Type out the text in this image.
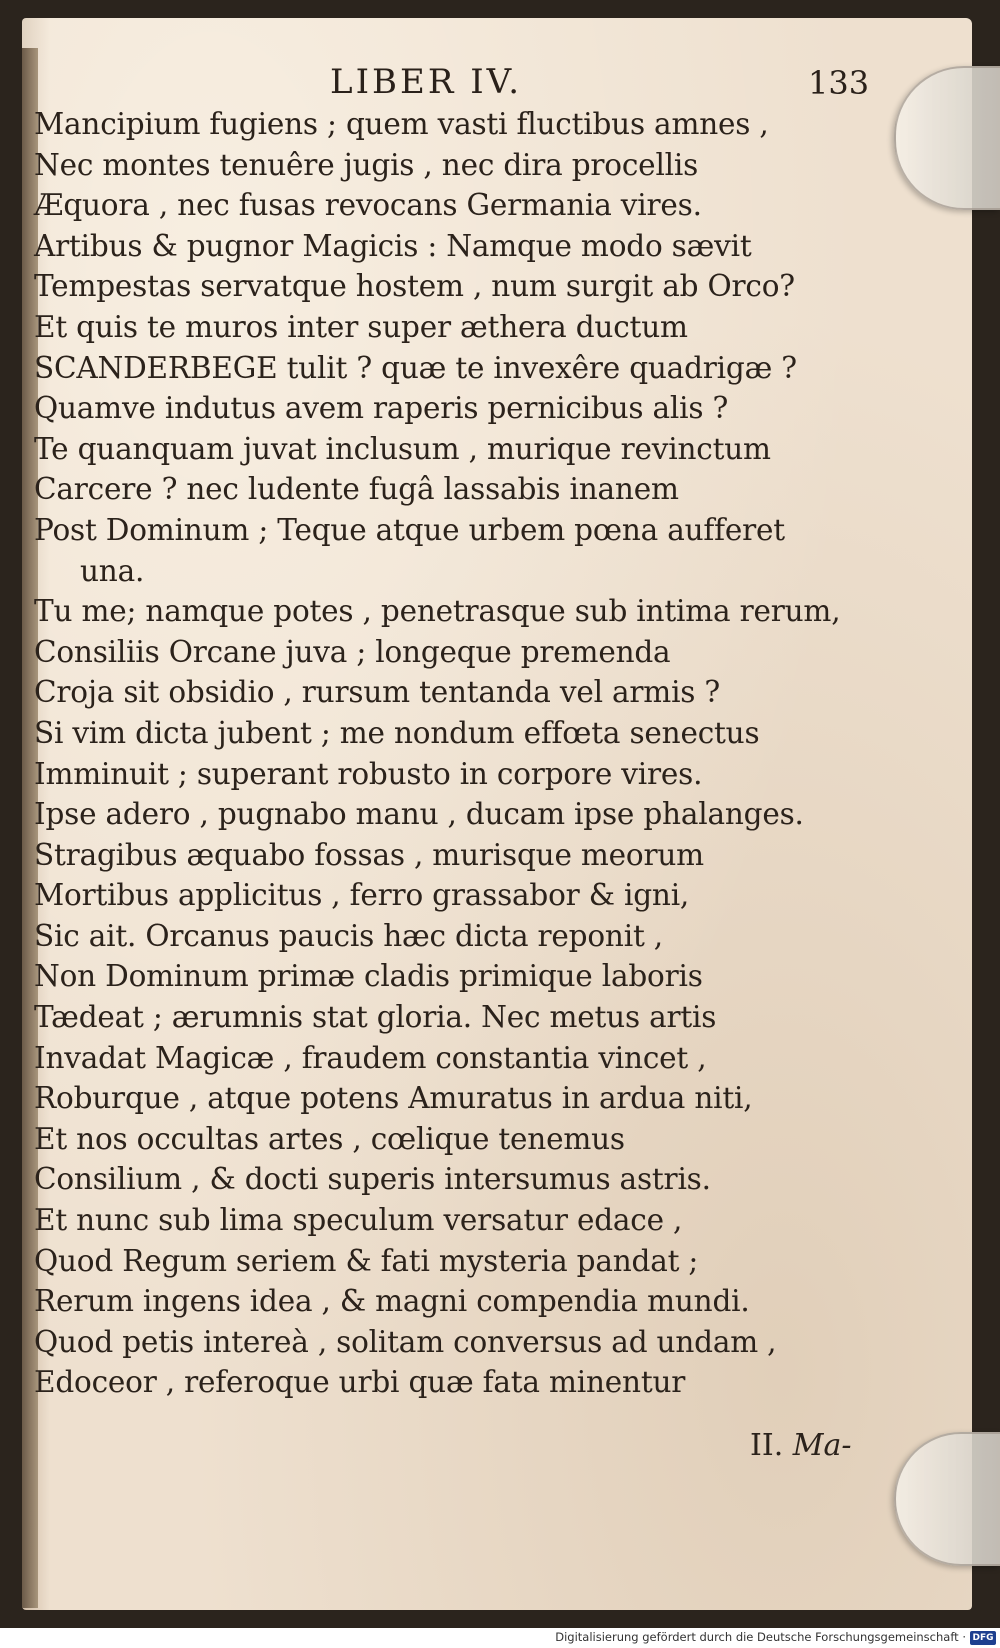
LIBER IV.	133
Mancipium fugiens ; quem vasti fluctibus amnes ,
Nec montes tenuêre jugis , nec dira procellis
Æquora , nec fusas revocans Germania vires.
Artibus & pugnor Magicis : Namque modo sævit
Tempestas servatque hostem , num surgit ab Orco?
Et quis te muros inter super æthera ductum
SCANDERBEGE tulit ? quæ te invexêre quadrigæ ?
Quamve indutus avem raperis pernicibus alis ?
Te quanquam juvat inclusum , murique revinctum
Carcere ? nec ludente fugâ lassabis inanem
Post Dominum ; Teque atque urbem pœna aufferet
una.
Tu me; namque potes , penetrasque sub intima rerum,
Consiliis Orcane juva ; longeque premenda
Croja sit obsidio , rursum tentanda vel armis ?
Si vim dicta jubent ; me nondum effœta senectus
Imminuit ; superant robusto in corpore vires.
Ipse adero , pugnabo manu , ducam ipse phalanges.
Stragibus æquabo fossas , murisque meorum
Mortibus applicitus , ferro grassabor & igni,
Sic ait. Orcanus paucis hæc dicta reponit ,
Non Dominum primæ cladis primique laboris
Tædeat ; ærumnis stat gloria. Nec metus artis
Invadat Magicæ , fraudem constantia vincet ,
Roburque , atque potens Amuratus in ardua niti,
Et nos occultas artes , cœlique tenemus
Consilium , & docti superis intersumus astris.
Et nunc sub lima speculum versatur edace ,
Quod Regum seriem & fati mysteria pandat ;
Rerum ingens idea , & magni compendia mundi.
Quod petis intereà , solitam conversus ad undam ,
Edoceor , referoque urbi quæ fata minentur
II. Ma-
Digitalisierung gefördert durch die Deutsche Forschungsgemeinschaft · DFG
